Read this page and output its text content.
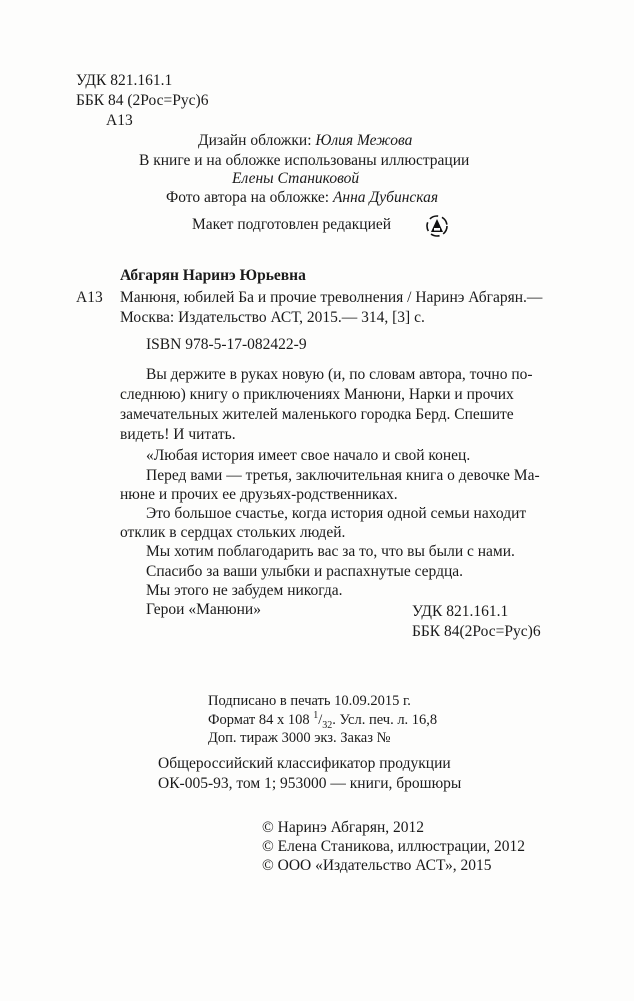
УДК 821.161.1
ББК 84 (2Рос=Рус)6
А13
Дизайн обложки: Юлия Межова
В книге и на обложке использованы иллюстрации
Елены Станиковой
Фото автора на обложке: Анна Дубинская
Макет подготовлен редакцией
Абгарян Наринэ Юрьевна
А13 Манюня, юбилей Ба и прочие треволнения / Наринэ Абгарян.—
Москва: Издательство АСТ, 2015.— 314, [3] с.
ISBN 978-5-17-082422-9
Вы держите в руках новую (и, по словам автора, точно по-
следнюю) книгу о приключениях Манюни, Нарки и прочих
замечательных жителей маленького городка Берд. Спешите
видеть! И читать.
«Любая история имеет свое начало и свой конец.
Перед вами — третья, заключительная книга о девочке Ма-
нюне и прочих ее друзьях-родственниках.
Это большое счастье, когда история одной семьи находит
отклик в сердцах стольких людей.
Мы хотим поблагодарить вас за то, что вы были с нами.
Спасибо за ваши улыбки и распахнутые сердца.
Мы этого не забудем никогда.
Герои «Манюни»	УДК 821.161.1
ББК 84(2Рос=Рус)6
Подписано в печать 10.09.2015 г.
Формат 84 х 108 $^1/_{32}$. Усл. печ. л. 16,8
Доп. тираж 3000 экз. Заказ №
Общероссийский классификатор продукции
ОК-005-93, том 1; 953000 — книги, брошюры
© Наринэ Абгарян, 2012
© Елена Станикова, иллюстрации, 2012
© ООО «Издательство АСТ», 2015
